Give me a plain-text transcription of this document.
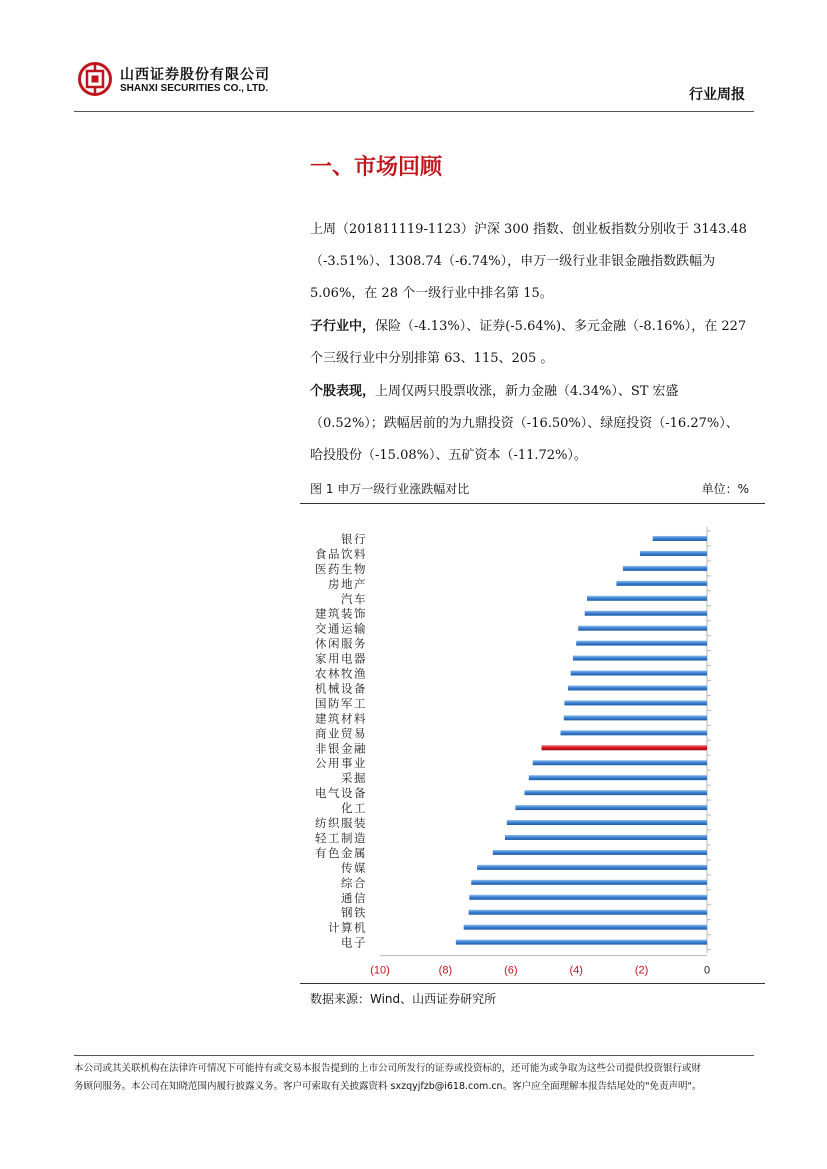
山西证券股份有限公司
SHANXI SECURITIES CO., LTD.	行业周报
一、市场回顾
上周（201811119-1123）沪深 300 指数、创业板指数分别收于 3143.48（-3.51%）、1308.74（-6.74%），申万一级行业非银金融指数跌幅为 5.06%，在 28 个一级行业中排名第 15。
子行业中，保险（-4.13%）、证券(-5.64%)、多元金融（-8.16%），在 227 个三级行业中分别排第 63、115、205 。
个股表现，上周仅两只股票收涨，新力金融（4.34%）、ST 宏盛（0.52%）；跌幅居前的为九鼎投资（-16.50%）、绿庭投资（-16.27%）、哈投股份（-15.08%）、五矿资本（-11.72%）。
图 1 申万一级行业涨跌幅对比	单位：%
银行
食品饮料
医药生物
房地产
汽车
建筑装饰
交通运输
休闲服务
家用电器
农林牧渔
机械设备
国防军工
建筑材料
商业贸易
非银金融
公用事业
采掘
电气设备
化工
纺织服装
轻工制造
有色金属
传媒
综合
通信
钢铁
计算机
电子
(10)	(8)	(6)	(4)	(2)	0
数据来源：Wind、山西证券研究所
本公司或其关联机构在法律许可情况下可能持有或交易本报告提到的上市公司所发行的证券或投资标的，还可能为或争取为这些公司提供投资银行或财
务顾问服务。本公司在知晓范围内履行披露义务。客户可索取有关披露资料 sxzqyjfzb@i618.com.cn。客户应全面理解本报告结尾处的"免责声明"。
